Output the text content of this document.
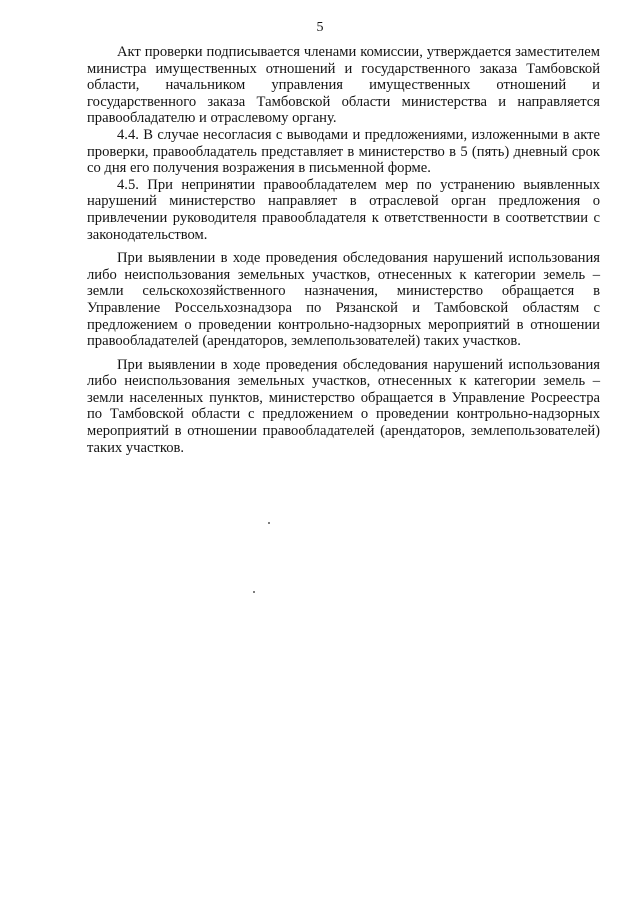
5

Акт проверки подписывается членами комиссии, утверждается заместителем министра имущественных отношений и государственного заказа Тамбовской области, начальником управления имущественных отношений и государственного заказа Тамбовской области министерства и направляется правообладателю и отраслевому органу.

4.4. В случае несогласия с выводами и предложениями, изложенными в акте проверки, правообладатель представляет в министерство в 5 (пять) дневный срок со дня его получения возражения в письменной форме.

4.5. При непринятии правообладателем мер по устранению выявленных нарушений министерство направляет в отраслевой орган предложения о привлечении руководителя правообладателя к ответственности в соответствии с законодательством.

При выявлении в ходе проведения обследования нарушений использования либо неиспользования земельных участков, отнесенных к категории земель – земли сельскохозяйственного назначения, министерство обращается в Управление Россельхознадзора по Рязанской и Тамбовской областям с предложением о проведении контрольно-надзорных мероприятий в отношении правообладателей (арендаторов, землепользователей) таких участков.

При выявлении в ходе проведения обследования нарушений использования либо неиспользования земельных участков, отнесенных к категории земель – земли населенных пунктов, министерство обращается в Управление Росреестра по Тамбовской области с предложением о проведении контрольно-надзорных мероприятий в отношении правообладателей (арендаторов, землепользователей) таких участков.
